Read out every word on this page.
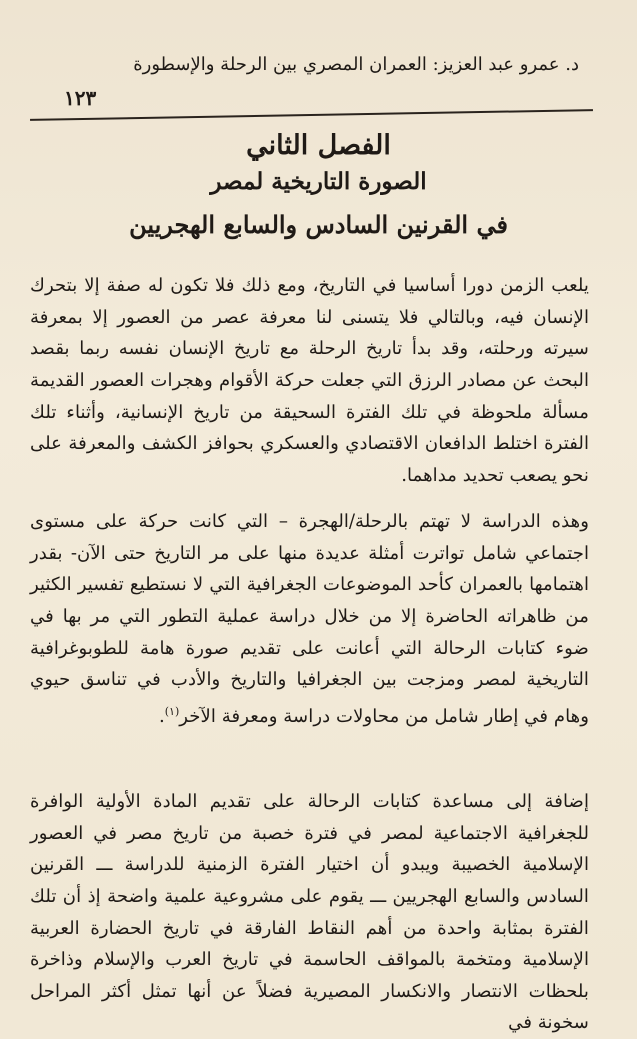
د. عمرو عبد العزيز: العمران المصري بين الرحلة والإسطورة
١٢٣
الفصل الثاني
الصورة التاريخية لمصر
في القرنين السادس والسابع الهجريين

يلعب الزمن دورا أساسيا في التاريخ، ومع ذلك فلا تكون له صفة إلا بتحرك الإنسان فيه، وبالتالي فلا يتسنى لنا معرفة عصر من العصور إلا بمعرفة سيرته ورحلته، وقد بدأ تاريخ الرحلة مع تاريخ الإنسان نفسه ربما بقصد البحث عن مصادر الرزق التي جعلت حركة الأقوام وهجرات العصور القديمة مسألة ملحوظة في تلك الفترة السحيقة من تاريخ الإنسانية، وأثناء تلك الفترة اختلط الدافعان الاقتصادي والعسكري بحوافز الكشف والمعرفة على نحو يصعب تحديد مداهما.

وهذه الدراسة لا تهتم بالرحلة/الهجرة – التي كانت حركة على مستوى اجتماعي شامل تواترت أمثلة عديدة منها على مر التاريخ حتى الآن- بقدر اهتمامها بالعمران كأحد الموضوعات الجغرافية التي لا نستطيع تفسير الكثير من ظاهراته الحاضرة إلا من خلال دراسة عملية التطور التي مر بها في ضوء كتابات الرحالة التي أعانت على تقديم صورة هامة للطوبوغرافية التاريخية لمصر ومزجت بين الجغرافيا والتاريخ والأدب في تناسق حيوي وهام في إطار شامل من محاولات دراسة ومعرفة الآخر$^{(١)}$.

إضافة إلى مساعدة كتابات الرحالة على تقديم المادة الأولية الوافرة للجغرافية الاجتماعية لمصر في فترة خصبة من تاريخ مصر في العصور الإسلامية الخصيبة ويبدو أن اختيار الفترة الزمنية للدراسة ـــ القرنين السادس والسابع الهجريين ـــ يقوم على مشروعية علمية واضحة إذ أن تلك الفترة بمثابة واحدة من أهم النقاط الفارقة في تاريخ الحضارة العربية الإسلامية ومتخمة بالمواقف الحاسمة في تاريخ العرب والإسلام وذاخرة بلحظات الانتصار والانكسار المصيرية فضلاً عن أنها تمثل أكثر المراحل سخونة في
